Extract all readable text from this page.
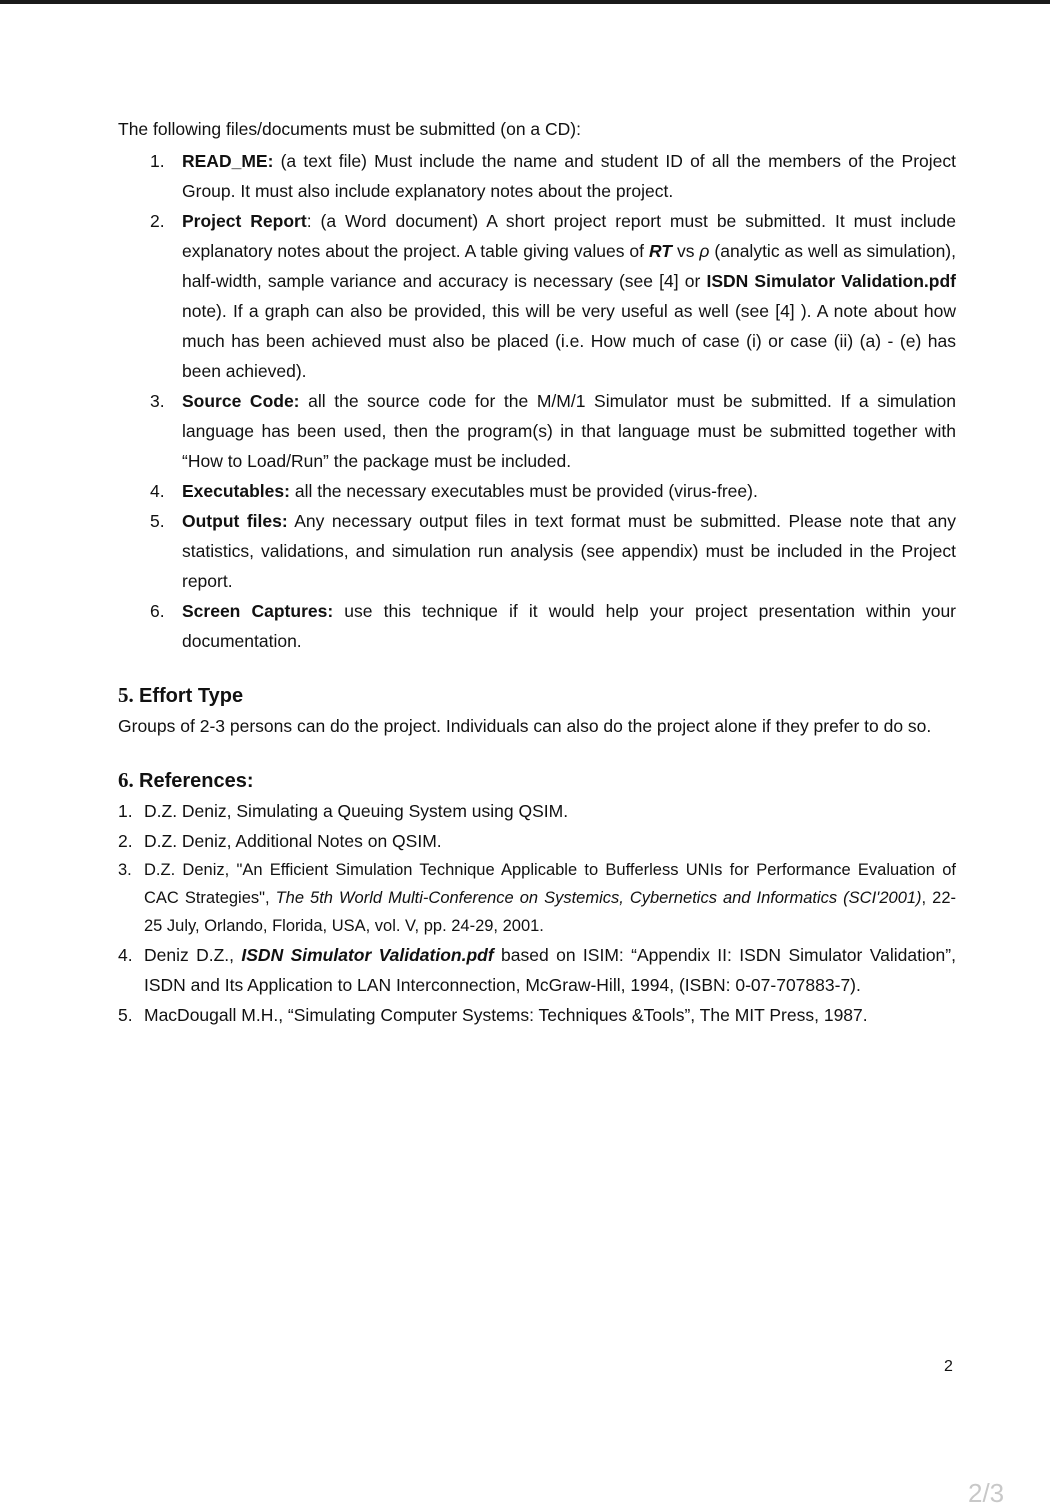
The following files/documents must be submitted (on a CD):

1. READ_ME: (a text file) Must include the name and student ID of all the members of the Project Group. It must also include explanatory notes about the project.
2. Project Report: (a Word document) A short project report must be submitted. It must include explanatory notes about the project. A table giving values of RT vs ρ (analytic as well as simulation), half-width, sample variance and accuracy is necessary (see [4] or ISDN Simulator Validation.pdf note). If a graph can also be provided, this will be very useful as well (see [4] ). A note about how much has been achieved must also be placed (i.e. How much of case (i) or case (ii) (a) - (e) has been achieved).
3. Source Code: all the source code for the M/M/1 Simulator must be submitted. If a simulation language has been used, then the program(s) in that language must be submitted together with “How to Load/Run” the package must be included.
4. Executables: all the necessary executables must be provided (virus-free).
5. Output files: Any necessary output files in text format must be submitted. Please note that any statistics, validations, and simulation run analysis (see appendix) must be included in the Project report.
6. Screen Captures: use this technique if it would help your project presentation within your documentation.
5. Effort Type

Groups of 2-3 persons can do the project. Individuals can also do the project alone if they prefer to do so.

6. References:
1. D.Z. Deniz, Simulating a Queuing System using QSIM.
2. D.Z. Deniz, Additional Notes on QSIM.
3. D.Z. Deniz, "An Efficient Simulation Technique Applicable to Bufferless UNIs for Performance Evaluation of CAC Strategies", The 5th World Multi-Conference on Systemics, Cybernetics and Informatics (SCI'2001), 22-25 July, Orlando, Florida, USA, vol. V, pp. 24-29, 2001.
4. Deniz D.Z., ISDN Simulator Validation.pdf based on ISIM: “Appendix II: ISDN Simulator Validation”, ISDN and Its Application to LAN Interconnection, McGraw-Hill, 1994, (ISBN: 0-07-707883-7).
5. MacDougall M.H., “Simulating Computer Systems: Techniques &Tools”, The MIT Press, 1987.
2
2/3
